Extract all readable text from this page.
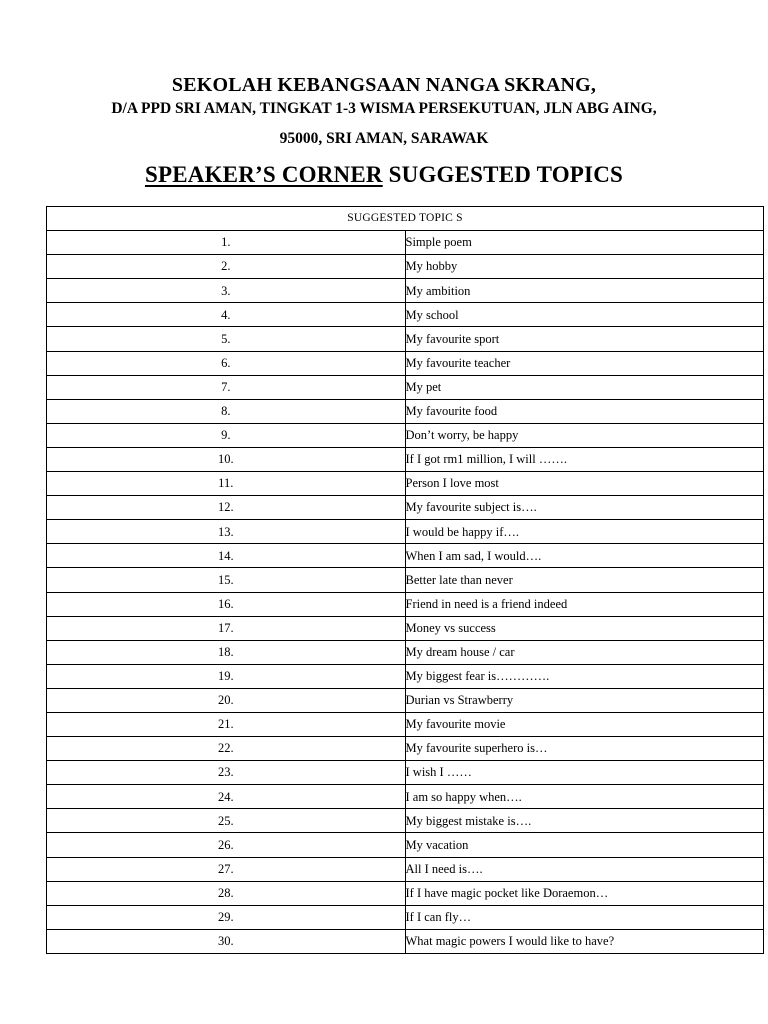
SEKOLAH KEBANGSAAN NANGA SKRANG,
D/A PPD SRI AMAN, TINGKAT 1-3 WISMA PERSEKUTUAN, JLN ABG AING,
95000, SRI AMAN, SARAWAK
SPEAKER’S CORNER SUGGESTED TOPICS
SUGGESTED TOPIC S	
1.	Simple poem
2.	My hobby
3.	My ambition
4.	My school
5.	My favourite sport
6.	My favourite teacher
7.	My pet
8.	My favourite food
9.	Don’t worry, be happy
10.	If I got rm1 million, I will …….
11.	Person I love most
12.	My favourite subject is….
13.	I would be happy if….
14.	When I am sad, I would….
15.	Better late than never
16.	Friend in need is a friend indeed
17.	Money vs success
18.	My dream house / car
19.	My biggest fear is………….
20.	Durian vs Strawberry
21.	My favourite movie
22.	My favourite superhero is…
23.	I wish I ……
24.	I am so happy when….
25.	My biggest mistake is….
26.	My vacation
27.	All I need is….
28.	If I have magic pocket like Doraemon…
29.	If I can fly…
30.	What magic powers I would like to have?
